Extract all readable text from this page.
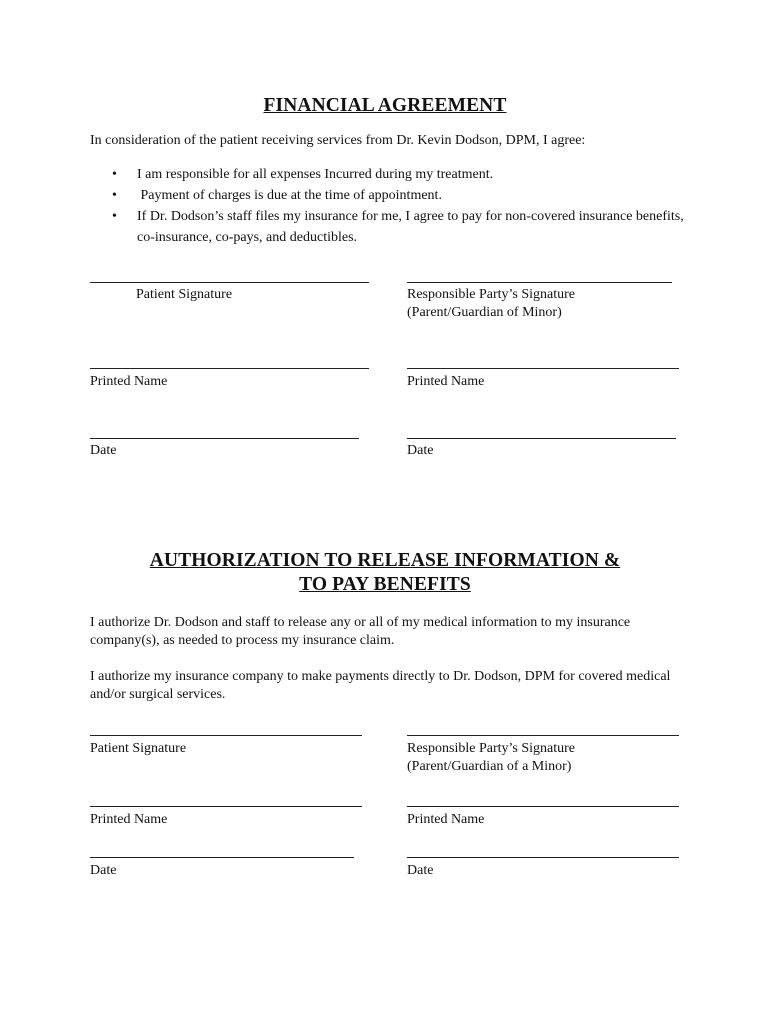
FINANCIAL AGREEMENT
In consideration of the patient receiving services from Dr. Kevin Dodson, DPM, I agree:
• I am responsible for all expenses Incurred during my treatment.
• Payment of charges is due at the time of appointment.
• If Dr. Dodson’s staff files my insurance for me, I agree to pay for non-covered insurance benefits, co-insurance, co-pays, and deductibles.
Patient Signature	Responsible Party’s Signature
(Parent/Guardian of Minor)
Printed Name	Printed Name
Date	Date
AUTHORIZATION TO RELEASE INFORMATION &
TO PAY BENEFITS
I authorize Dr. Dodson and staff to release any or all of my medical information to my insurance company(s), as needed to process my insurance claim.
I authorize my insurance company to make payments directly to Dr. Dodson, DPM for covered medical and/or surgical services.
Patient Signature	Responsible Party’s Signature
(Parent/Guardian of a Minor)
Printed Name	Printed Name
Date	Date
